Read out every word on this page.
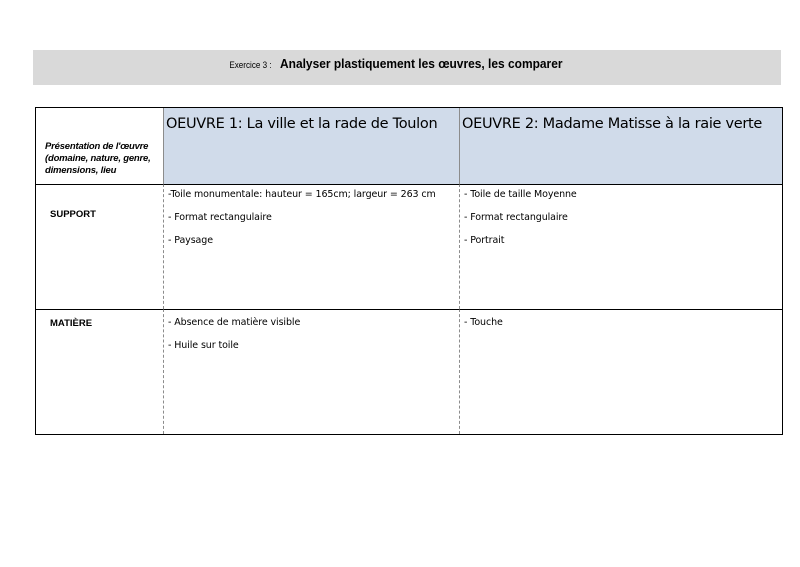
Exercice 3 : Analyser plastiquement les œuvres, les comparer
Présentation de l'œuvre (domaine, nature, genre, dimensions, lieu
OEUVRE 1: La ville et la rade de Toulon OEUVRE 2: Madame Matisse à la raie verte
SUPPORT
-Toile monumentale: hauteur = 165cm; largeur = 263 cm
- Format rectangulaire
- Paysage
- Toile de taille Moyenne
- Format rectangulaire
- Portrait
MATIÈRE	- Absence de matière visible
- Huile sur toile
- Touche
